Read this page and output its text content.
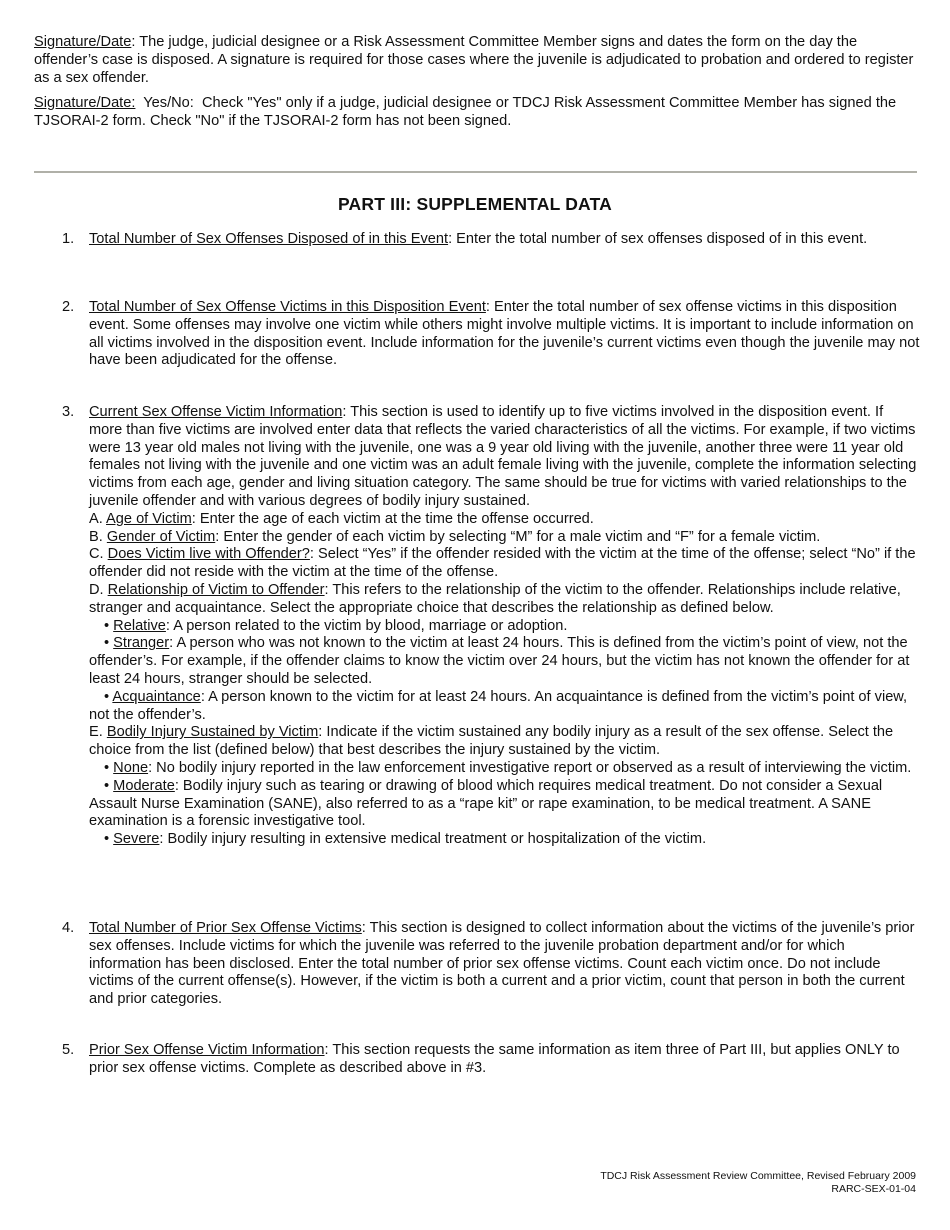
Signature/Date: The judge, judicial designee or a Risk Assessment Committee Member signs and dates the form on the day the offender’s case is disposed. A signature is required for those cases where the juvenile is adjudicated to probation and ordered to register as a sex offender.

Signature/Date:  Yes/No:  Check "Yes" only if a judge, judicial designee or TDCJ Risk Assessment Committee Member has signed the TJSORAI-2 form. Check "No" if the TJSORAI-2 form has not been signed.

PART III: SUPPLEMENTAL DATA
1.	Total Number of Sex Offenses Disposed of in this Event: Enter the total number of sex offenses disposed of in this event.

2.	Total Number of Sex Offense Victims in this Disposition Event: Enter the total number of sex offense victims in this disposition event. Some offenses may involve one victim while others might involve multiple victims. It is important to include information on all victims involved in the disposition event. Include information for the juvenile’s current victims even though the juvenile may not have been adjudicated for the offense.

3.	Current Sex Offense Victim Information: This section is used to identify up to five victims involved in the disposition event. If more than five victims are involved enter data that reflects the varied characteristics of all the victims. For example, if two victims were 13 year old males not living with the juvenile, one was a 9 year old living with the juvenile, another three were 11 year old females not living with the juvenile and one victim was an adult female living with the juvenile, complete the information selecting victims from each age, gender and living situation category. The same should be true for victims with varied relationships to the juvenile offender and with various degrees of bodily injury sustained.

A. Age of Victim: Enter the age of each victim at the time the offense occurred.

B. Gender of Victim: Enter the gender of each victim by selecting “M” for a male victim and “F” for a female victim.

C. Does Victim live with Offender?: Select “Yes” if the offender resided with the victim at the time of the offense; select “No” if the offender did not reside with the victim at the time of the offense.

D. Relationship of Victim to Offender: This refers to the relationship of the victim to the offender. Relationships include relative, stranger and acquaintance. Select the appropriate choice that describes the relationship as defined below.

• Relative: A person related to the victim by blood, marriage or adoption.

• Stranger: A person who was not known to the victim at least 24 hours. This is defined from the victim’s point of view, not the offender’s. For example, if the offender claims to know the victim over 24 hours, but the victim has not known the offender for at least 24 hours, stranger should be selected.

• Acquaintance: A person known to the victim for at least 24 hours. An acquaintance is defined from the victim’s point of view, not the offender’s.

E. Bodily Injury Sustained by Victim: Indicate if the victim sustained any bodily injury as a result of the sex offense. Select the choice from the list (defined below) that best describes the injury sustained by the victim.

• None: No bodily injury reported in the law enforcement investigative report or observed as a result of interviewing the victim.

• Moderate: Bodily injury such as tearing or drawing of blood which requires medical treatment. Do not consider a Sexual Assault Nurse Examination (SANE), also referred to as a “rape kit” or rape examination, to be medical treatment. A SANE examination is a forensic investigative tool.

• Severe: Bodily injury resulting in extensive medical treatment or hospitalization of the victim.

4.	Total Number of Prior Sex Offense Victims: This section is designed to collect information about the victims of the juvenile’s prior sex offenses. Include victims for which the juvenile was referred to the juvenile probation department and/or for which information has been disclosed. Enter the total number of prior sex offense victims. Count each victim once. Do not include victims of the current offense(s). However, if the victim is both a current and a prior victim, count that person in both the current and prior categories.

5.	Prior Sex Offense Victim Information: This section requests the same information as item three of Part III, but applies ONLY to prior sex offense victims. Complete as described above in #3.

TDCJ Risk Assessment Review Committee, Revised February 2009
RARC-SEX-01-04
